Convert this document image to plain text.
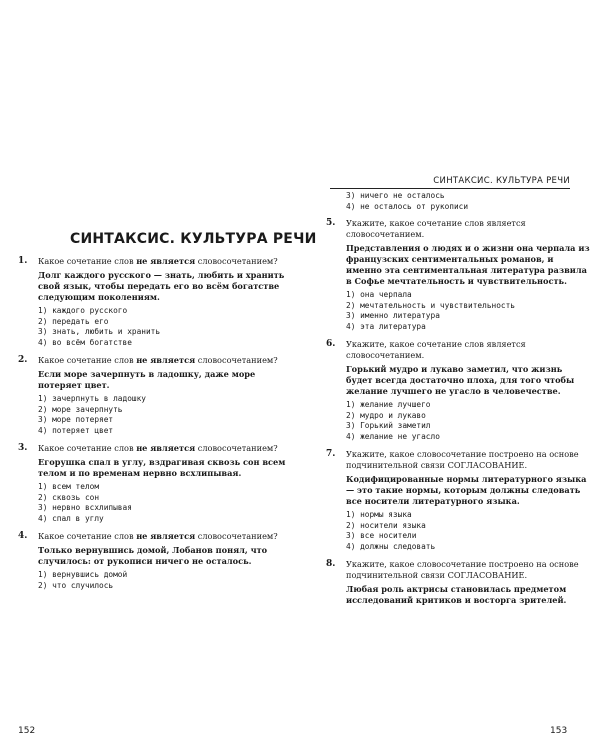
СИНТАКСИС. КУЛЬТУРА РЕЧИ
1. Какое сочетание слов не является словосочетанием?
Долг каждого русского — знать, любить и хранить свой язык, чтобы передать его во всём богатстве следующим поколениям.
1) каждого русского
2) передать его
3) знать, любить и хранить
4) во всём богатстве
2. Какое сочетание слов не является словосочетанием?
Если море зачерпнуть в ладошку, даже море потеряет цвет.
1) зачерпнуть в ладошку
2) море зачерпнуть
3) море потеряет
4) потеряет цвет
3. Какое сочетание слов не является словосочетанием?
Егорушка спал в углу, вздрагивая сквозь сон всем телом и по временам нервно всхлипывая.
1) всем телом
2) сквозь сон
3) нервно всхлипывая
4) спал в углу
4. Какое сочетание слов не является словосочетанием?
Только вернувшись домой, Лобанов понял, что случилось: от рукописи ничего не осталось.
1) вернувшись домой
2) что случилось
152
СИНТАКСИС. КУЛЬТУРА РЕЧИ
3) ничего не осталось
4) не осталось от рукописи
5. Укажите, какое сочетание слов является словосочетанием.
Представления о людях и о жизни она черпала из французских сентиментальных романов, и именно эта сентиментальная литература развила в Софье мечтательность и чувствительность.
1) она черпала
2) мечтательность и чувствительность
3) именно литература
4) эта литература
6. Укажите, какое сочетание слов является словосочетанием.
Горький мудро и лукаво заметил, что жизнь будет всегда достаточно плоха, для того чтобы желание лучшего не угасло в человечестве.
1) желание лучшего
2) мудро и лукаво
3) Горький заметил
4) желание не угасло
7. Укажите, какое словосочетание построено на основе подчинительной связи СОГЛАСОВАНИЕ.
Кодифицированные нормы литературного языка — это такие нормы, которым должны следовать все носители литературного языка.
1) нормы языка
2) носители языка
3) все носители
4) должны следовать
8. Укажите, какое словосочетание построено на основе подчинительной связи СОГЛАСОВАНИЕ.
Любая роль актрисы становилась предметом исследований критиков и восторга зрителей.
153
